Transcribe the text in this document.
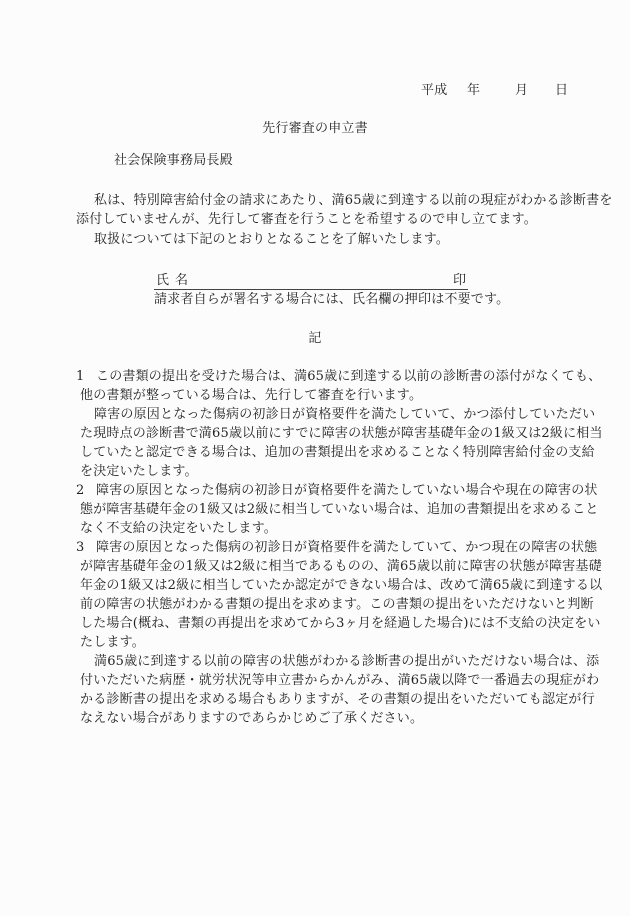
平成 年	月 日
先行審査の申立書
社会保険事務局長殿
私は、特別障害給付金の請求にあたり、満65歳に到達する以前の現症がわかる診断書を
添付していませんが、先行して審査を行うことを希望するので申し立てます。
取扱については下記のとおりとなることを了解いたします。
氏名	印
請求者自らが署名する場合には、氏名欄の押印は不要です。
記
1 この書類の提出を受けた場合は、満65歳に到達する以前の診断書の添付がなくても、
他の書類が整っている場合は、先行して審査を行います。
障害の原因となった傷病の初診日が資格要件を満たしていて、かつ添付していただい
た現時点の診断書で満65歳以前にすでに障害の状態が障害基礎年金の1級又は2級に相当
していたと認定できる場合は、追加の書類提出を求めることなく特別障害給付金の支給
を決定いたします。
2 障害の原因となった傷病の初診日が資格要件を満たしていない場合や現在の障害の状
態が障害基礎年金の1級又は2級に相当していない場合は、追加の書類提出を求めること
なく不支給の決定をいたします。
3 障害の原因となった傷病の初診日が資格要件を満たしていて、かつ現在の障害の状態
が障害基礎年金の1級又は2級に相当であるものの、満65歳以前に障害の状態が障害基礎
年金の1級又は2級に相当していたか認定ができない場合は、改めて満65歳に到達する以
前の障害の状態がわかる書類の提出を求めます。この書類の提出をいただけないと判断
した場合(概ね、書類の再提出を求めてから3ヶ月を経過した場合)には不支給の決定をい
たします。
満65歳に到達する以前の障害の状態がわかる診断書の提出がいただけない場合は、添
付いただいた病歴・就労状況等申立書からかんがみ、満65歳以降で一番過去の現症がわ
かる診断書の提出を求める場合もありますが、その書類の提出をいただいても認定が行
なえない場合がありますのであらかじめご了承ください。
